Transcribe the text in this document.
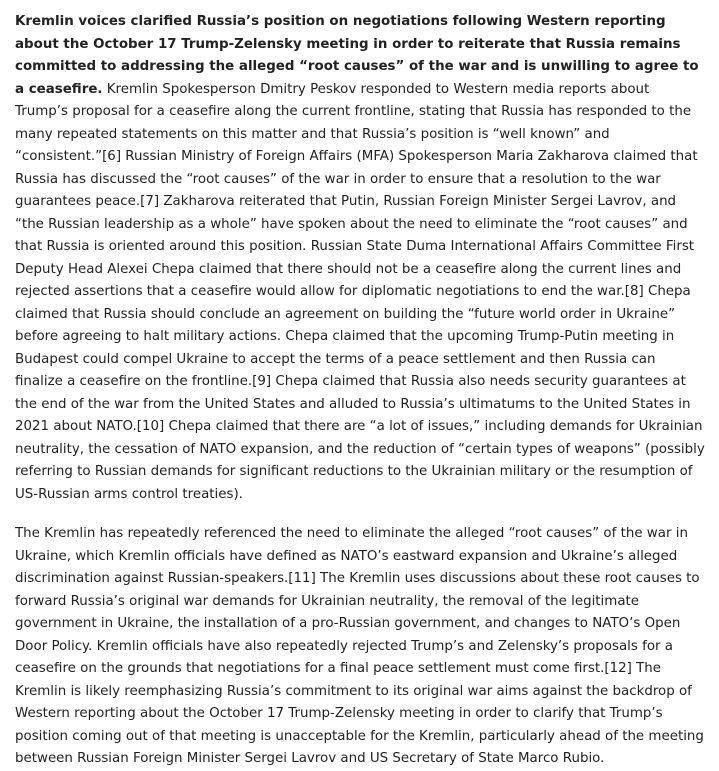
Kremlin voices clarified Russia’s position on negotiations following Western reporting about the October 17 Trump-Zelensky meeting in order to reiterate that Russia remains committed to addressing the alleged “root causes” of the war and is unwilling to agree to a ceasefire. Kremlin Spokesperson Dmitry Peskov responded to Western media reports about Trump’s proposal for a ceasefire along the current frontline, stating that Russia has responded to the many repeated statements on this matter and that Russia’s position is “well known” and “consistent.”[6] Russian Ministry of Foreign Affairs (MFA) Spokesperson Maria Zakharova claimed that Russia has discussed the “root causes” of the war in order to ensure that a resolution to the war guarantees peace.[7] Zakharova reiterated that Putin, Russian Foreign Minister Sergei Lavrov, and “the Russian leadership as a whole” have spoken about the need to eliminate the “root causes” and that Russia is oriented around this position. Russian State Duma International Affairs Committee First Deputy Head Alexei Chepa claimed that there should not be a ceasefire along the current lines and rejected assertions that a ceasefire would allow for diplomatic negotiations to end the war.[8] Chepa claimed that Russia should conclude an agreement on building the “future world order in Ukraine” before agreeing to halt military actions. Chepa claimed that the upcoming Trump-Putin meeting in Budapest could compel Ukraine to accept the terms of a peace settlement and then Russia can finalize a ceasefire on the frontline.[9] Chepa claimed that Russia also needs security guarantees at the end of the war from the United States and alluded to Russia’s ultimatums to the United States in 2021 about NATO.[10] Chepa claimed that there are “a lot of issues,” including demands for Ukrainian neutrality, the cessation of NATO expansion, and the reduction of “certain types of weapons” (possibly referring to Russian demands for significant reductions to the Ukrainian military or the resumption of US-Russian arms control treaties).

The Kremlin has repeatedly referenced the need to eliminate the alleged “root causes” of the war in Ukraine, which Kremlin officials have defined as NATO’s eastward expansion and Ukraine’s alleged discrimination against Russian-speakers.[11] The Kremlin uses discussions about these root causes to forward Russia’s original war demands for Ukrainian neutrality, the removal of the legitimate government in Ukraine, the installation of a pro-Russian government, and changes to NATO’s Open Door Policy. Kremlin officials have also repeatedly rejected Trump’s and Zelensky’s proposals for a ceasefire on the grounds that negotiations for a final peace settlement must come first.[12] The Kremlin is likely reemphasizing Russia’s commitment to its original war aims against the backdrop of Western reporting about the October 17 Trump-Zelensky meeting in order to clarify that Trump’s position coming out of that meeting is unacceptable for the Kremlin, particularly ahead of the meeting between Russian Foreign Minister Sergei Lavrov and US Secretary of State Marco Rubio.
